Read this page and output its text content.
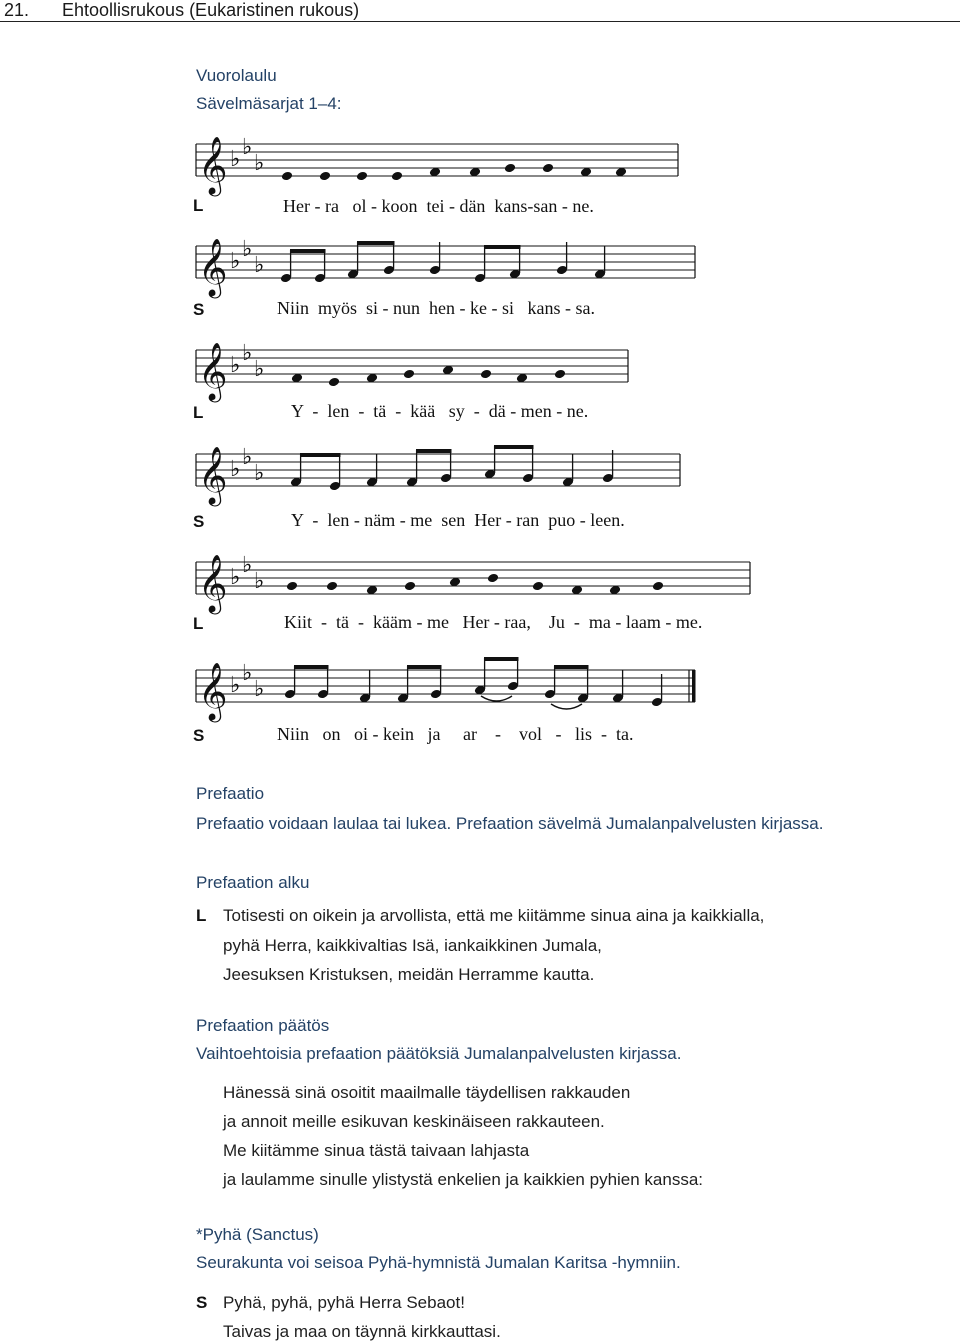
21. Ehtoollisrukous (Eukaristinen rukous)
Vuorolaulu
Sävelmäsarjat 1–4:
𝄞 ♭ ♭
♭
L	Her - ra   ol - koon  tei - dän  kans-san - ne.
𝄞 ♭ ♭
♭
S	Niin  myös  si - nun  hen - ke - si   kans - sa.
𝄞 ♭ ♭
♭
L	Y  -  len  -  tä  -  kää   sy  -  dä - men - ne.
𝄞 ♭ ♭
♭
S	Y  -  len - näm - me  sen  Her - ran  puo - leen.
𝄞 ♭ ♭
♭
L	Kiit  -  tä  -  kääm - me   Her - raa,    Ju  -  ma - laam - me.
𝄞 ♭ ♭
♭
S	Niin   on   oi - kein   ja     ar    -    vol   -   lis  -  ta.
Prefaatio
Prefaatio voidaan laulaa tai lukea. Prefaation sävelmä Jumalanpalvelusten kirjassa.
Prefaation alku
L Totisesti on oikein ja arvollista, että me kiitämme sinua aina ja kaikkialla,
pyhä Herra, kaikkivaltias Isä, iankaikkinen Jumala,
Jeesuksen Kristuksen, meidän Herramme kautta.
Prefaation päätös
Vaihtoehtoisia prefaation päätöksiä Jumalanpalvelusten kirjassa.
Hänessä sinä osoitit maailmalle täydellisen rakkauden
ja annoit meille esikuvan keskinäiseen rakkauteen.
Me kiitämme sinua tästä taivaan lahjasta
ja laulamme sinulle ylistystä enkelien ja kaikkien pyhien kanssa:
*Pyhä (Sanctus)
Seurakunta voi seisoa Pyhä-hymnistä Jumalan Karitsa -hymniin.
S Pyhä, pyhä, pyhä Herra Sebaot!
Taivas ja maa on täynnä kirkkauttasi.
